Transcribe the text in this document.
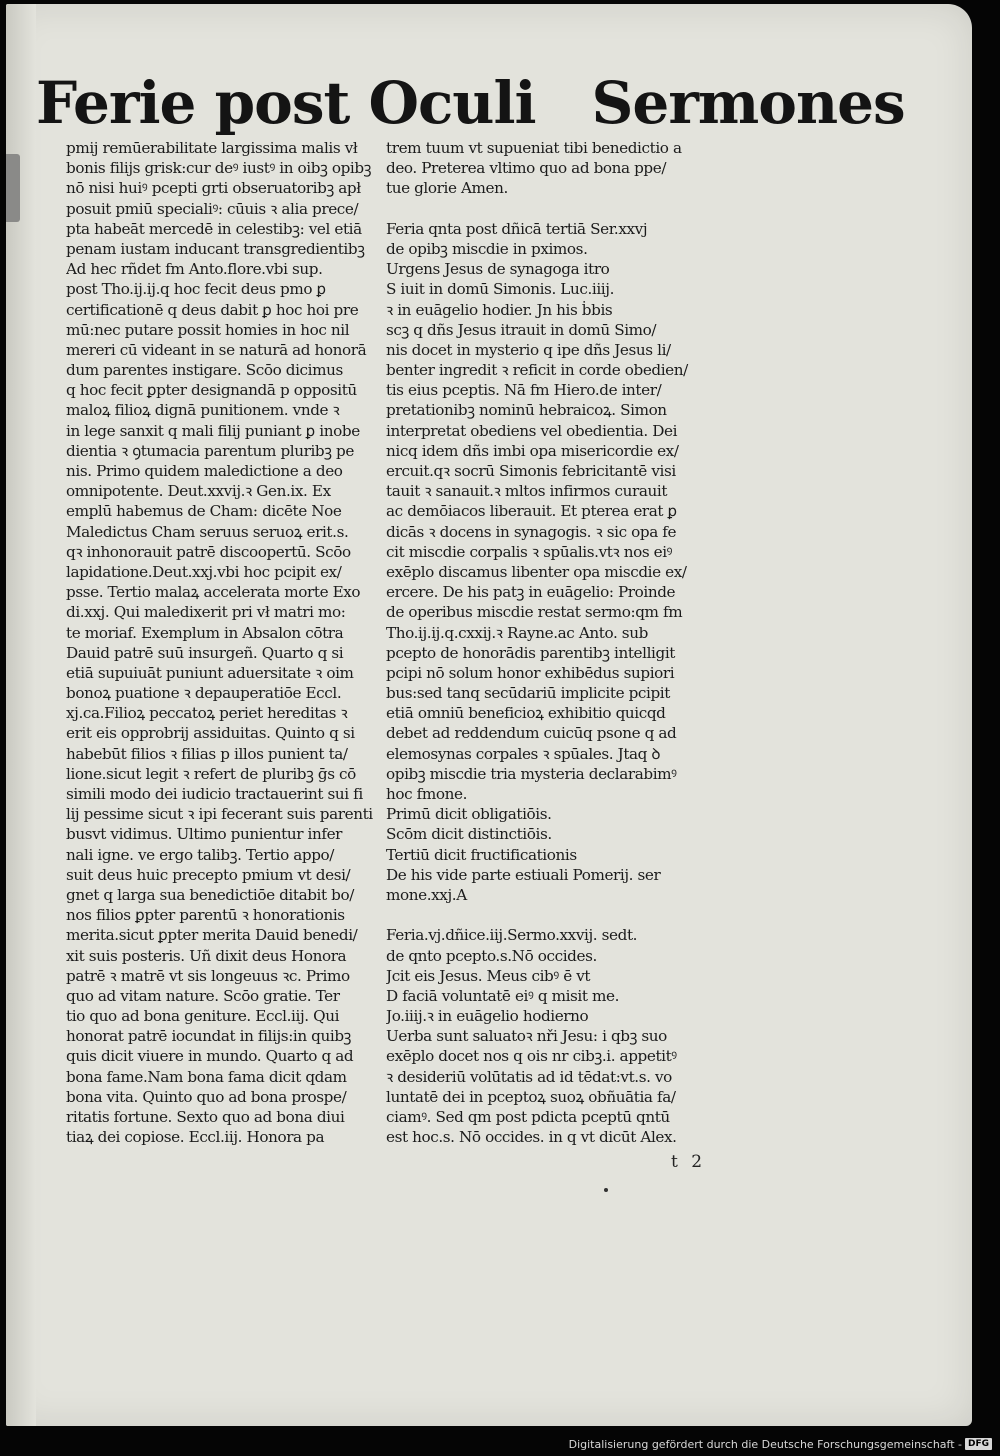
Ferie post Oculi Sermones
pmij remūerabilitate largissima malis vł
bonis filijs grisk:cur deꝰ iustꝰ in oibꝫ opibꝫ
nō nisi huiꝰ pcepti grti obseruatoribꝫ apł
posuit pmiū specialiꝰ: cūuis ꝛ alia prece/
pta habeāt mercedē in celestibꝫ: vel etiā
penam iustam inducant transgredientibꝫ
Ad hec rñdet fm Anto.flore.vbi sup.
post Tho.ij.ij.q hoc fecit deus pmo ꝑ
certificationē q deus dabit ꝑ hoc hoi pre
mū:nec putare possit homies in hoc nil
mereri cū videant in se naturā ad honorā
dum parentes instigare. Scōo dicimus
q hoc fecit ꝑpter designandā p oppositū
maloꝝ filioꝝ dignā punitionem. vnde ꝛ
in lege sanxit q mali filij puniant ꝑ inobe
dientia ꝛ ꝯtumacia parentum pluribꝫ pe
nis. Primo quidem maledictione a deo
omnipotente. Deut.xxvij.ꝛ Gen.ix. Ex
emplū habemus de Cham: dicēte Noe
Maledictus Cham seruus seruoꝝ erit.s.
qꝛ inhonorauit patrē discoopertū. Scōo
lapidatione.Deut.xxj.vbi hoc pcipit ex/
psse. Tertio malaꝝ accelerata morte Exo
di.xxj. Qui maledixerit pri vł matri mo:
te moriaf. Exemplum in Absalon cōtra
Dauid patrē suū insurgeñ. Quarto q si
etiā supuiuāt puniunt aduersitate ꝛ oim
bonoꝝ puatione ꝛ depauperatiōe Eccl.
xj.ca.Filioꝝ peccatoꝝ periet hereditas ꝛ
erit eis opprobrij assiduitas. Quinto q si
habebūt filios ꝛ filias p illos punient ta/
lione.sicut legit ꝛ refert de pluribꝫ ḡs cō
simili modo dei iudicio tractauerint sui fi
lij pessime sicut ꝛ ipi fecerant suis parenti
busvt vidimus. Ultimo punientur infer
nali igne. ve ergo talibꝫ. Tertio appo/
suit deus huic precepto pmium vt desi/
gnet q larga sua benedictiōe ditabit bo/
nos filios ꝑpter parentū ꝛ honorationis
merita.sicut ꝑpter merita Dauid benedi/
xit suis posteris. Uñ dixit deus Honora
patrē ꝛ matrē vt sis longeuus ꝛc. Primo
quo ad vitam nature. Scōo gratie. Ter
tio quo ad bona geniture. Eccl.iij. Qui
honorat patrē iocundat in filijs:in quibꝫ
quis dicit viuere in mundo. Quarto q ad
bona fame.Nam bona fama dicit qdam
bona vita. Quinto quo ad bona prospe/
ritatis fortune. Sexto quo ad bona diui
tiaꝝ dei copiose. Eccl.iij. Honora pa
trem tuum vt supueniat tibi benedictio a
deo. Preterea vltimo quo ad bona ppe/
tue glorie Amen.

Feria qnta post dñicā tertiā Ser.xxvj
de opibꝫ miscdie in pximos.
Urgens Jesus de synagoga itro
S iuit in domū Simonis. Luc.iiij.
ꝛ in euāgelio hodier. Jn his ḃbis
scꝫ q dñs Jesus itrauit in domū Simo/
nis docet in mysterio q ipe dñs Jesus li/
benter ingredit ꝛ reficit in corde obedien/
tis eius pceptis. Nā fm Hiero.de inter/
pretationibꝫ nominū hebraicoꝝ. Simon
interpretat obediens vel obedientia. Dei
nicq idem dñs imbi opa misericordie ex/
ercuit.qꝛ socrū Simonis febricitantē visi
tauit ꝛ sanauit.ꝛ mltos infirmos curauit
ac demōiacos liberauit. Et pterea erat ꝑ
dicās ꝛ docens in synagogis. ꝛ sic opa fe
cit miscdie corpalis ꝛ spūalis.vtꝛ nos eiꝰ
exēplo discamus libenter opa miscdie ex/
ercere. De his patꝫ in euāgelio: Proinde
de operibus miscdie restat sermo:qm fm
Tho.ij.ij.q.cxxij.ꝛ Rayne.ac Anto. sub
pcepto de honorādis parentibꝫ intelligit
pcipi nō solum honor exhibēdus supiori
bus:sed tanq secūdariū implicite pcipit
etiā omniū beneficioꝝ exhibitio quicqd
debet ad reddendum cuicūq psone q ad
elemosynas corpales ꝛ spūales. Jtaq ꝺ
opibꝫ miscdie tria mysteria declarabimꝰ
hoc fmone.
Primū dicit obligatiōis.
Scōm dicit distinctiōis.
Tertiū dicit fructificationis
De his vide parte estiuali Pomerij. ser
mone.xxj.A

Feria.vj.dñice.iij.Sermo.xxvij. sedt.
de qnto pcepto.s.Nō occides.
Jcit eis Jesus. Meus cibꝰ ē vt
D faciā voluntatē eiꝰ q misit me.
Jo.iiij.ꝛ in euāgelio hodierno
Uerba sunt saluatoꝛ nři Jesu: i qbꝫ suo
exēplo docet nos q ois nr cibꝫ.i. appetitꝰ
ꝛ desideriū volūtatis ad id tēdat:vt.s. vo
luntatē dei in pceptoꝝ suoꝝ obñuātia fa/
ciamꝰ. Sed qm post pdicta pceptū qntū
est hoc.s. Nō occides. in q vt dicūt Alex.
t 2
Digitalisierung gefördert durch die Deutsche Forschungsgemeinschaft - DFG
